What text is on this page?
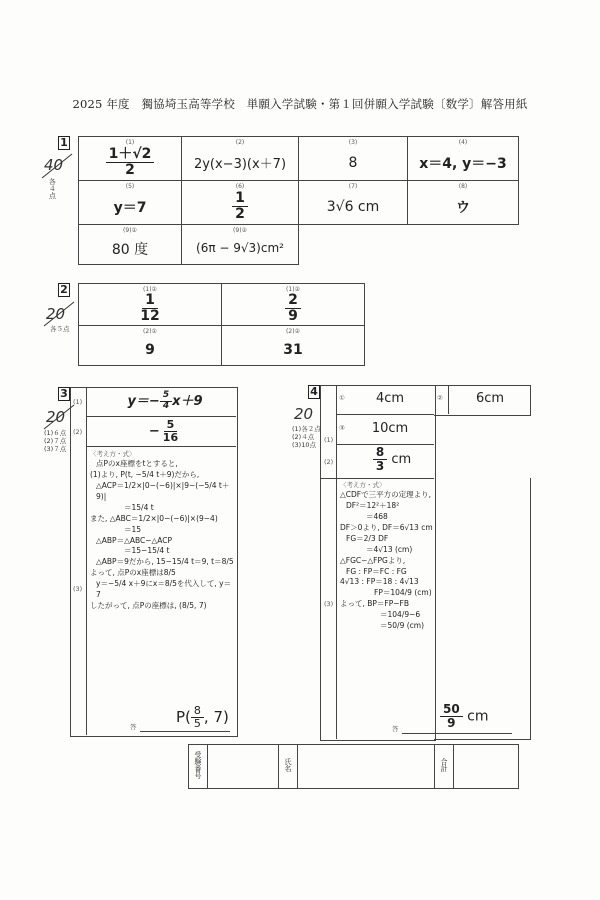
2025 年度　獨協埼玉高等学校　単願入学試験・第１回併願入学試験〔数学〕解答用紙
1
40
各４点
(1)
$\frac{1+√2}{2}$	(2)
2y(x−3)(x＋7)	(3)
8	(4)
x＝4, y＝−3

(5)
y＝7	(6)
$\frac{1}{2}$	(7)
3√6 cm	(8)
ウ

(9)①
80 度	(9)②
(6π − 9√3)cm²		
2
20
各５点
(1)①
$\frac{1}{12}$	(1)②
$\frac{2}{9}$

(2)①
9	(2)②
31
3
20
(1)６点
(2)７点
(3)７点
(1)	$y=- \frac{5}{4} x+9$
(2)	− $\frac{5}{16}$
(3)
〈考え方・式〉
点Pのx座標をtとすると,
(1)より, P(t, −5/4 t＋9)だから,
△ACP＝1/2×|0−(−6)|×|9−(−5/4 t＋9)|
＝15/4 t
また, △ABC＝1/2×|0−(−6)|×(9−4)
＝15
△ABP＝△ABC−△ACP
＝15−15/4 t
△ABP＝9だから, 15−15/4 t＝9, t＝8/5
よって, 点Pのx座標は8/5
y＝−5/4 x＋9にx＝8/5を代入して, y＝7
したがって, 点Pの座標は, (8/5, 7)
答
$P( \frac{8}{5}$ , 7)
4
20
(1)各２点
(2)４点
(3)10点
(1)
①	4cm	②	6cm
③	10cm
(2)	$\frac{8}{3}$ cm
(3)
〈考え方・式〉
△CDFで三平方の定理より,
DF²＝12²＋18²
＝468
DF＞0より, DF＝6√13 cm
FG＝2/3 DF
＝4√13 (cm)
△FGC∽△FPGより,
FG : FP＝FC : FG
4√13 : FP＝18 : 4√13
FP＝104/9 (cm)
よって, BP＝FP−FB
＝104/9−6
＝50/9 (cm)
答	$\frac{50}{9}$ cm
受験番号		氏名		合計	
